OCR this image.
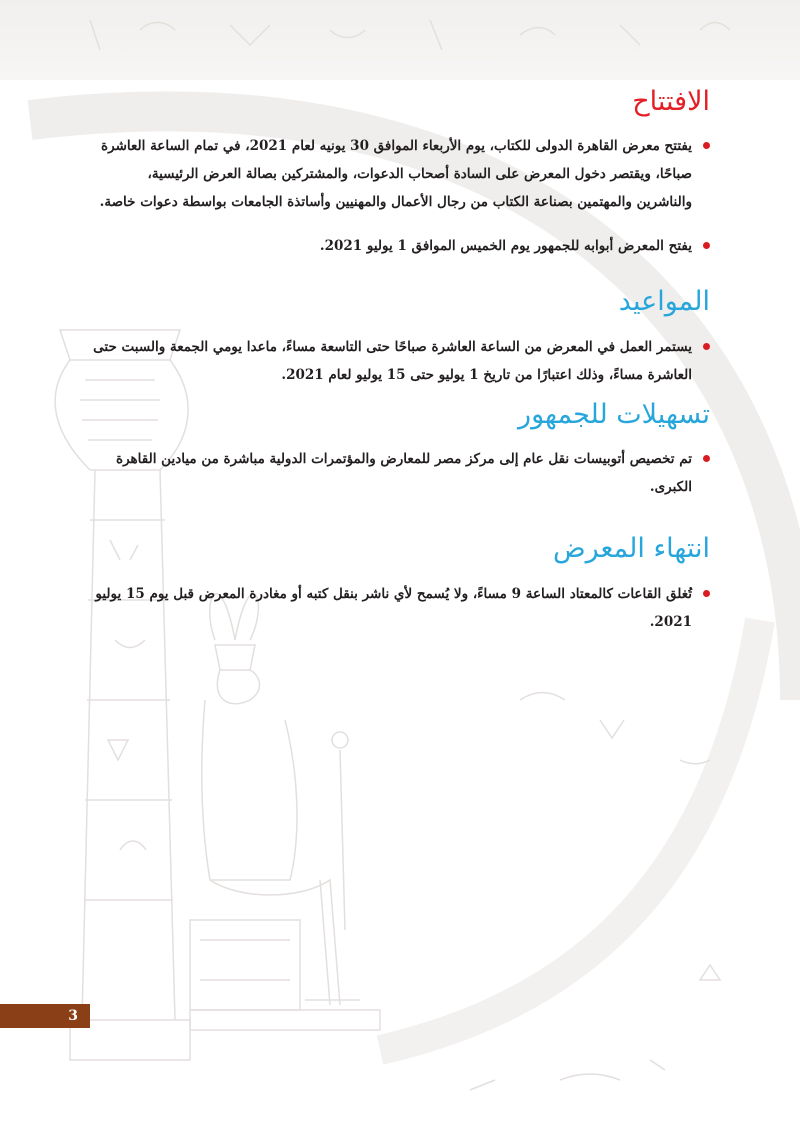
الافتتاح

يفتتح معرض القاهرة الدولى للكتاب، يوم الأربعاء الموافق 30 يونيه لعام 2021، في تمام الساعة العاشرة صباحًا، ويقتصر دخول المعرض على السادة أصحاب الدعوات، والمشتركين بصالة العرض الرئيسية، والناشرين والمهتمين بصناعة الكتاب من رجال الأعمال والمهنيين وأساتذة الجامعات بواسطة دعوات خاصة.

يفتح المعرض أبوابه للجمهور يوم الخميس الموافق 1 يوليو 2021.

المواعيد

يستمر العمل في المعرض من الساعة العاشرة صباحًا حتى التاسعة مساءً، ماعدا يومي الجمعة والسبت حتى العاشرة مساءً، وذلك اعتبارًا من تاريخ 1 يوليو حتى 15 يوليو لعام 2021.

تسهيلات للجمهور

تم تخصيص أتوبيسات نقل عام إلى مركز مصر للمعارض والمؤتمرات الدولية مباشرة من ميادين القاهرة الكبرى.

انتهاء المعرض

تُغلق القاعات كالمعتاد الساعة 9 مساءً، ولا يُسمح لأي ناشر بنقل كتبه أو مغادرة المعرض قبل يوم 15 يوليو 2021.

3
